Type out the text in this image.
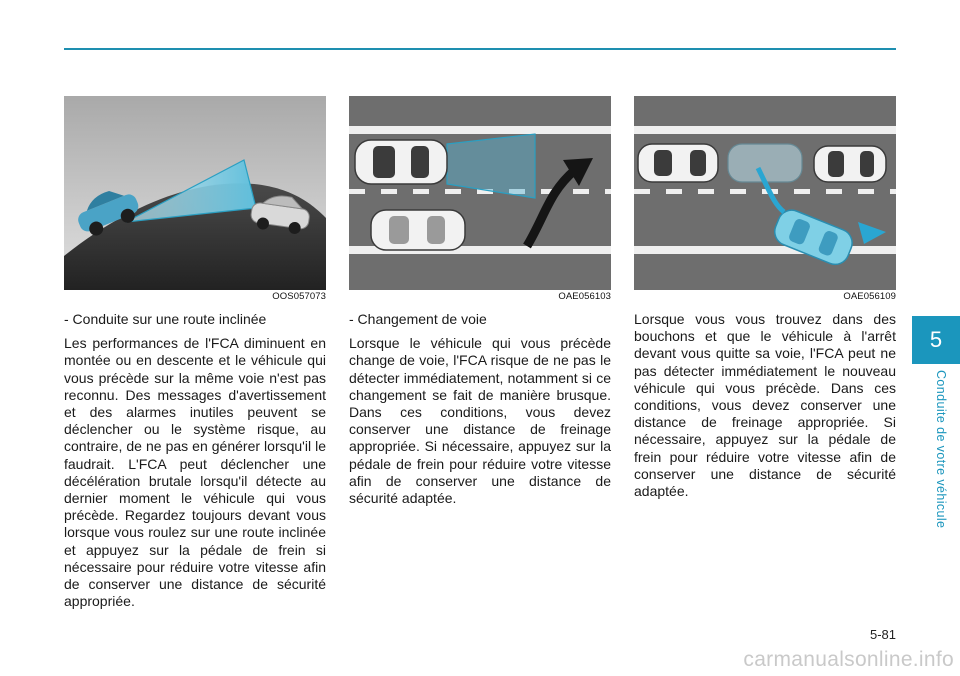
OOS057073	OAE056103	OAE056109

- Conduite sur une route inclinée

Les performances de l'FCA diminuent en montée ou en descente et le véhicule qui vous précède sur la même voie n'est pas reconnu. Des messages d'avertissement et des alarmes inutiles peuvent se déclencher ou le système risque, au contraire, de ne pas en générer lorsqu'il le faudrait. L'FCA peut déclencher une décélération brutale lorsqu'il détecte au dernier moment le véhicule qui vous précède. Regardez toujours devant vous lorsque vous roulez sur une route inclinée et appuyez sur la pédale de frein si nécessaire pour réduire votre vitesse afin de conserver une distance de sécurité appropriée.

- Changement de voie

Lorsque le véhicule qui vous précède change de voie, l'FCA risque de ne pas le détecter immédiatement, notamment si ce changement se fait de manière brusque. Dans ces conditions, vous devez conserver une distance de freinage appropriée. Si nécessaire, appuyez sur la pédale de frein pour réduire votre vitesse afin de conserver une distance de sécurité adaptée.

Lorsque vous vous trouvez dans des bouchons et que le véhicule à l'arrêt devant vous quitte sa voie, l'FCA peut ne pas détecter immédiatement le nouveau véhicule qui vous précède. Dans ces conditions, vous devez conserver une distance de freinage appropriée. Si nécessaire, appuyez sur la pédale de frein pour réduire votre vitesse afin de conserver une distance de sécurité adaptée.

5
Conduite de votre véhicule
5-81
carmanualsonline.info
